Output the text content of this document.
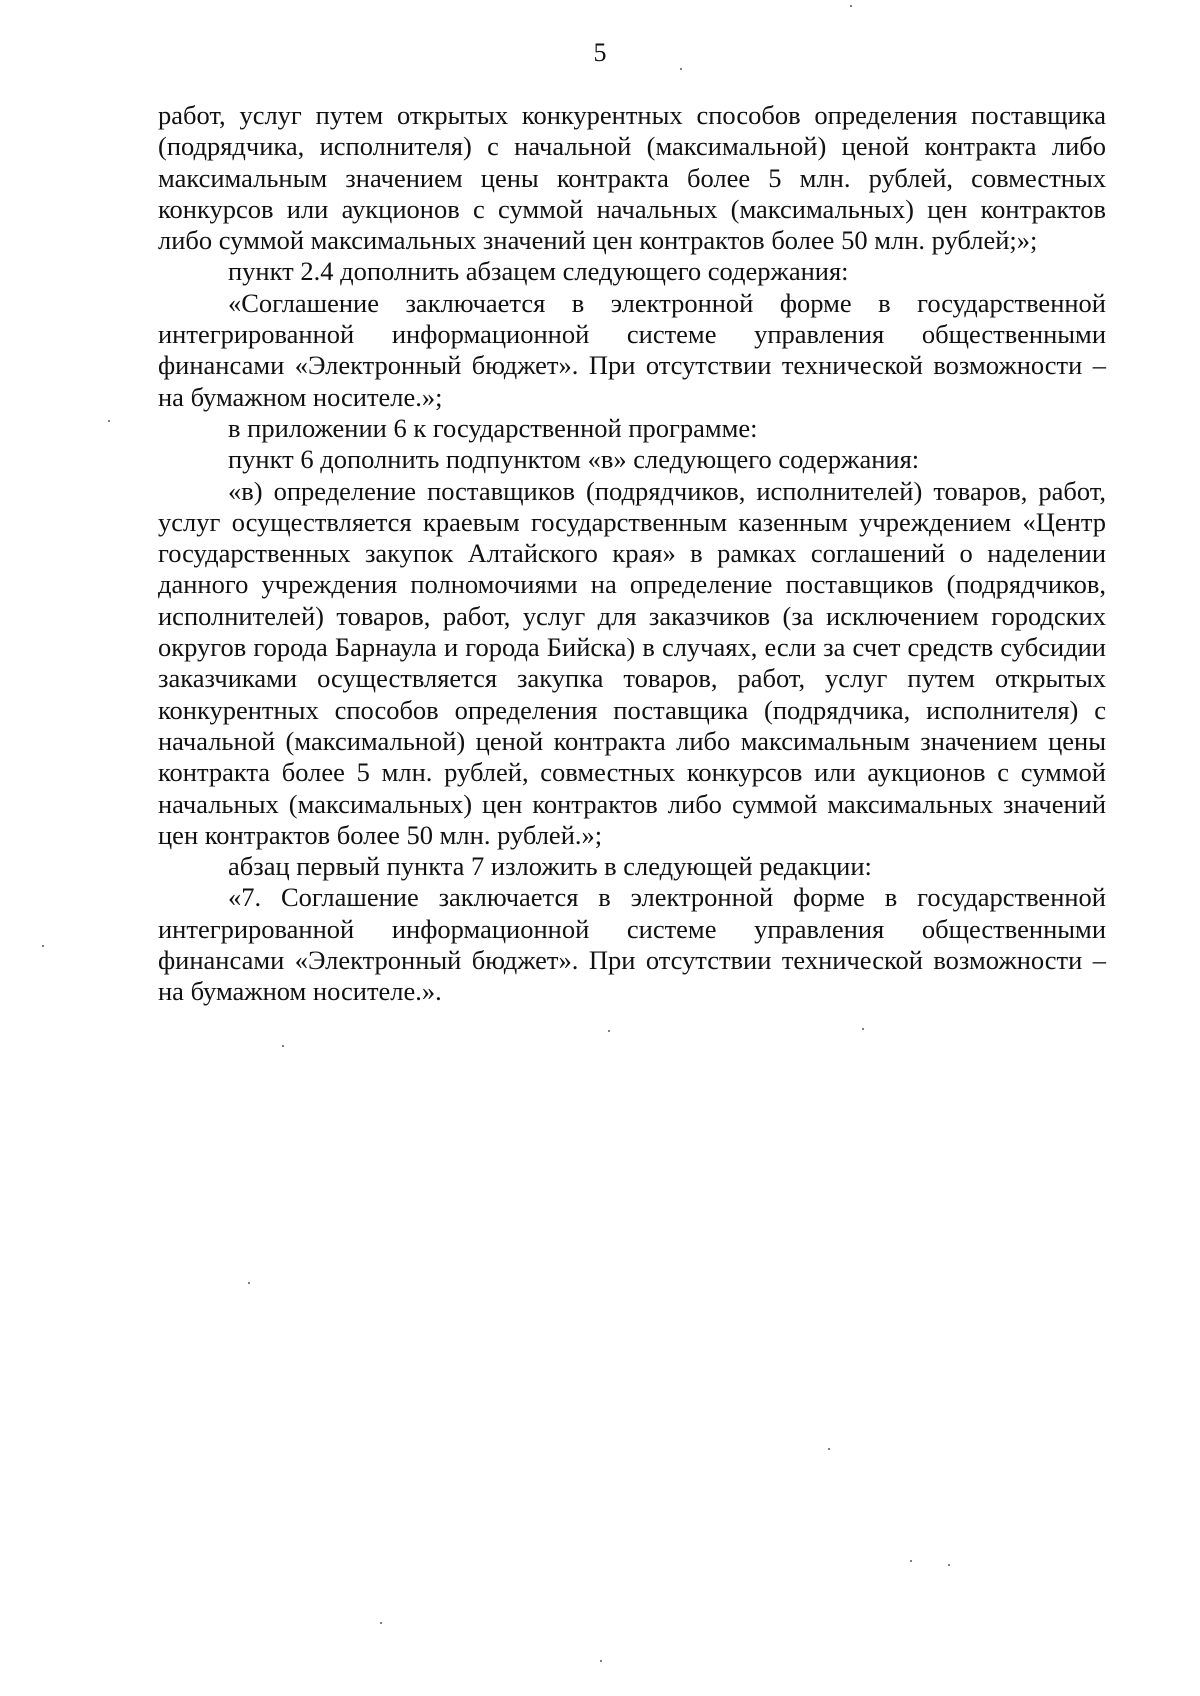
5

работ, услуг путем открытых конкурентных способов определения поставщика (подрядчика, исполнителя) с начальной (максимальной) ценой контракта либо максимальным значением цены контракта более 5 млн. рублей, совместных конкурсов или аукционов с суммой начальных (максимальных) цен контрактов либо суммой максимальных значений цен контрактов более 50 млн. рублей;»;

пункт 2.4 дополнить абзацем следующего содержания:

«Соглашение заключается в электронной форме в государственной интегрированной информационной системе управления общественными финансами «Электронный бюджет». При отсутствии технической возможности – на бумажном носителе.»;

в приложении 6 к государственной программе:

пункт 6 дополнить подпунктом «в» следующего содержания:

«в) определение поставщиков (подрядчиков, исполнителей) товаров, работ, услуг осуществляется краевым государственным казенным учреждением «Центр государственных закупок Алтайского края» в рамках соглашений о наделении данного учреждения полномочиями на определение поставщиков (подрядчиков, исполнителей) товаров, работ, услуг для заказчиков (за исключением городских округов города Барнаула и города Бийска) в случаях, если за счет средств субсидии заказчиками осуществляется закупка товаров, работ, услуг путем открытых конкурентных способов определения поставщика (подрядчика, исполнителя) с начальной (максимальной) ценой контракта либо максимальным значением цены контракта более 5 млн. рублей, совместных конкурсов или аукционов с суммой начальных (максимальных) цен контрактов либо суммой максимальных значений цен контрактов более 50 млн. рублей.»;

абзац первый пункта 7 изложить в следующей редакции:

«7. Соглашение заключается в электронной форме в государственной интегрированной информационной системе управления общественными финансами «Электронный бюджет». При отсутствии технической возможности – на бумажном носителе.».
